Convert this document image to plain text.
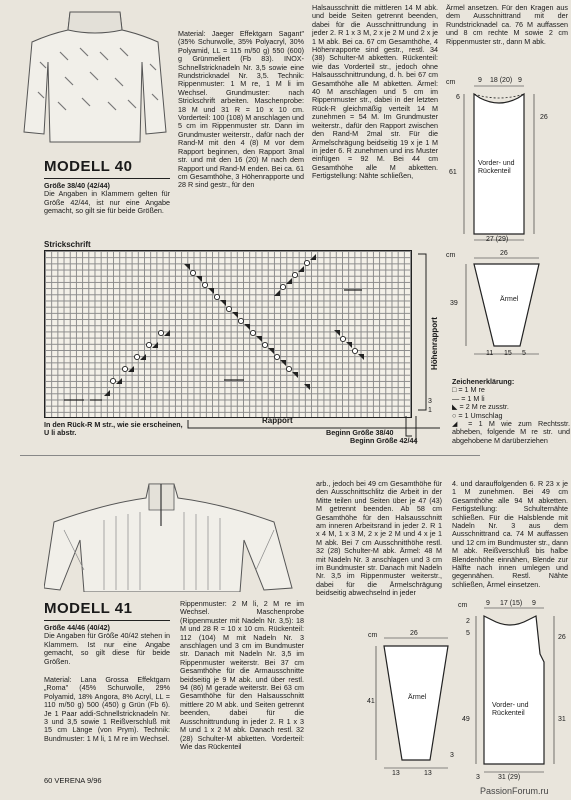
MODELL 40
Größe 38/40 (42/44)
Die Angaben in Klammern gelten für Größe 42/44, ist nur eine Angabe gemacht, so gilt sie für beide Größen.
Material: Jaeger Effektgarn Sagant" (35% Schurwolle, 35% Polyacryl, 30% Polyamid, LL = 115 m/50 g) 550 (600) g Grünmeliert (Fb 83). INOX-Schnellstricknadeln Nr. 3,5 sowie eine Rundstricknadel Nr. 3,5. Technik: Rippenmuster: 1 M re, 1 M li im Wechsel. Grundmuster: nach Strickschrift arbeiten. Maschenprobe: 18 M und 31 R = 10 x 10 cm. Vorderteil: 100 (108) M anschlagen und 5 cm im Rippenmuster str. Dann im Grundmuster weiterstr., dafür nach der Rand-M mit den 4 (8) M vor dem Rapport beginnen, den Rapport 3mal str. und mit den 16 (20) M nach dem Rapport und Rand-M enden. Bei ca. 61 cm Gesamthöhe, 3 Höhenrapporte und 28 R sind gestr., für den
Halsausschnitt die mittleren 14 M abk. und beide Seiten getrennt beenden, dabei für die Ausschnittrundung in jeder 2. R 1 x 3 M, 2 x je 2 M und 2 x je 1 M abk. Bei ca. 67 cm Gesamthöhe, 4 Höhenrapporte sind gestr., restl. 34 (38) Schulter-M abketten. Rückenteil: wie das Vorderteil str., jedoch ohne Halsausschnittrundung, d. h. bei 67 cm Gesamthöhe alle M abketten. Ärmel: 40 M anschlagen und 5 cm im Rippenmuster str., dabei in der letzten Rück-R gleichmäßig verteilt 14 M zunehmen = 54 M. Im Grundmuster weiterstr., dafür den Rapport zwischen den Rand-M 2mal str. Für die Ärmelschrägung beidseitig 19 x je 1 M in jeder 6. R zunehmen und ins Muster einfügen = 92 M. Bei 44 cm Gesamthöhe alle M abketten. Fertigstellung: Nähte schließen,
Ärmel ansetzen. Für den Kragen aus dem Ausschnittrand mit der Rundstricknadel ca. 76 M auffassen und 8 cm rechte M sowie 2 cm Rippenmuster str., dann M abk.
cm	9 18 (20) 9
6
61
26
Vorder- und Rückenteil
27 (29)
cm	26
39
Ärmel
11 15 5
Zeichenerklärung:
□ = 1 M re
— = 1 M li
◣ = 2 M re zusstr.
○ = 1 Umschlag
◢ = 1 M wie zum Rechtsstr. abheben, folgende M re str. und abgehobene M darüberziehen
Strickschrift
Höhenrapport
3
1
Rapport
In den Rück-R M str., wie sie erscheinen, U li abstr.	Beginn Größe 38/40
Beginn Größe 42/44
MODELL 41
Größe 44/46 (40/42)
Die Angaben für Größe 40/42 stehen in Klammern. Ist nur eine Angabe gemacht, so gilt diese für beide Größen.
Material: Lana Grossa Effektgarn „Roma" (45% Schurwolle, 29% Polyamid, 18% Angora, 8% Acryl, LL = 110 m/50 g) 500 (450) g Grün (Fb 6). Je 1 Paar addi-Schnellstricknadeln Nr. 3 und 3,5 sowie 1 Reißverschluß mit 15 cm Länge (von Prym). Technik: Bundmuster: 1 M li, 1 M re im Wechsel.
Rippenmuster: 2 M li, 2 M re im Wechsel. Maschenprobe (Rippenmuster mit Nadeln Nr. 3,5): 18 M und 28 R = 10 x 10 cm. Rückenteil: 112 (104) M mit Nadeln Nr. 3 anschlagen und 3 cm im Bundmuster str. Danach mit Nadeln Nr. 3,5 im Rippenmuster weiterstr. Bei 37 cm Gesamthöhe für die Armausschnitte beidseitig je 9 M abk. und über restl. 94 (86) M gerade weiterstr. Bei 63 cm Gesamthöhe für den Halsausschnitt mittlere 20 M abk. und Seiten getrennt beenden, dabei für die Ausschnittrundung in jeder 2. R 1 x 3 M und 1 x 2 M abk. Danach restl. 32 (28) Schulter-M abketten. Vorderteil: Wie das Rückenteil
arb., jedoch bei 49 cm Gesamthöhe für den Ausschnittschlitz die Arbeit in der Mitte teilen und Seiten über je 47 (43) M getrennt beenden. Ab 58 cm Gesamthöhe für den Halsausschnitt am inneren Arbeitsrand in jeder 2. R 1 x 4 M, 1 x 3 M, 2 x je 2 M und 4 x je 1 M abk. Bei 7 cm Ausschnitthöhe restl. 32 (28) Schulter-M abk. Ärmel: 48 M mit Nadeln Nr. 3 anschlagen und 3 cm im Bundmuster str. Danach mit Nadeln Nr. 3,5 im Rippenmuster weiterstr., dabei für die Ärmelschrägung beidseitig abwechselnd in jeder
4. und darauffolgenden 6. R 23 x je 1 M zunehmen. Bei 49 cm Gesamthöhe alle 94 M abketten. Fertigstellung: Schulternähte schließen. Für die Halsblende mit Nadeln Nr. 3 aus dem Ausschnittrand ca. 74 M auffassen und 12 cm im Bundmuster str., dann M abk. Reißverschluß bis halbe Blendenhöhe einnähen, Blende zur Hälfte nach innen umlegen und gegennähen. Restl. Nähte schließen, Ärmel einsetzen.
cm	26
41
Ärmel
13	13
3
cm	9 17 (15) 9
2
5
49
26
31
Vorder- und Rückenteil
3	31 (29)
60 VERENA 9/96
PassionForum.ru
